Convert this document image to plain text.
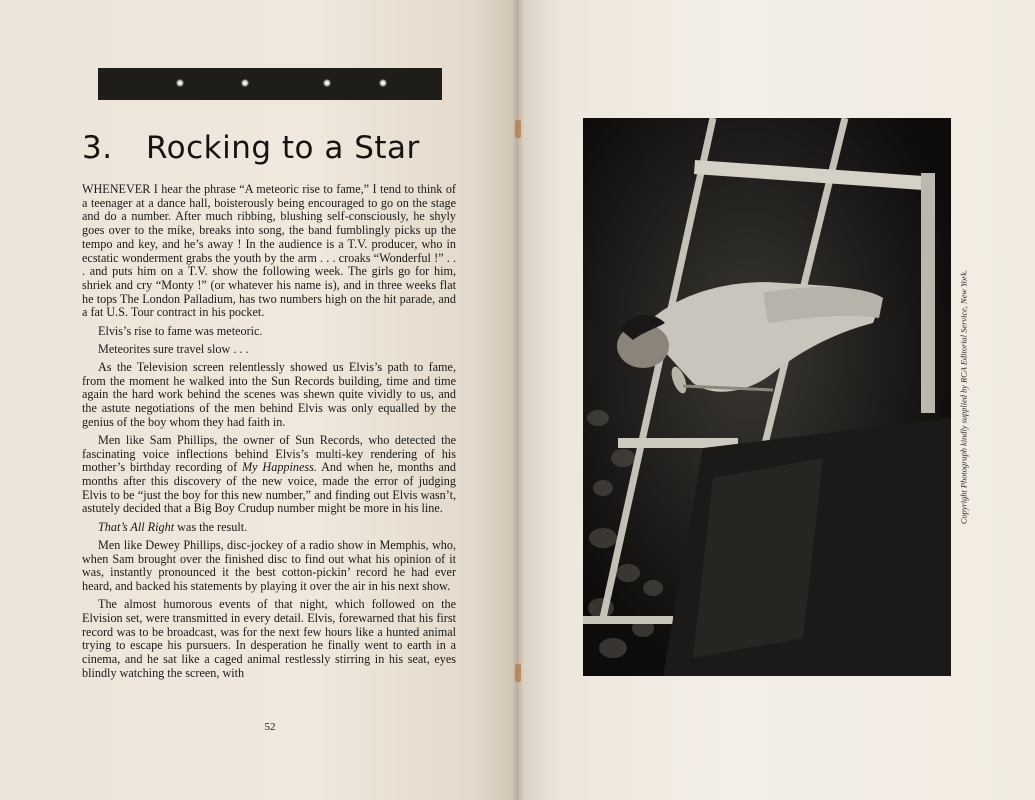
3. Rocking to a Star

WHENEVER I hear the phrase “A meteoric rise to fame,” I tend to think of a teenager at a dance hall, boisterously being encouraged to go on the stage and do a number. After much ribbing, blushing self-consciously, he shyly goes over to the mike, breaks into song, the band fumblingly picks up the tempo and key, and he’s away ! In the audience is a T.V. producer, who in ecstatic wonderment grabs the youth by the arm . . . croaks “Wonderful !” . . . and puts him on a T.V. show the following week. The girls go for him, shriek and cry “Monty !” (or whatever his name is), and in three weeks flat he tops The London Palladium, has two numbers high on the hit parade, and a fat U.S. Tour contract in his pocket.

Elvis’s rise to fame was meteoric.

Meteorites sure travel slow . . .

As the Television screen relentlessly showed us Elvis’s path to fame, from the moment he walked into the Sun Records building, time and time again the hard work behind the scenes was shewn quite vividly to us, and the astute negotiations of the men behind Elvis was only equalled by the genius of the boy whom they had faith in.

Men like Sam Phillips, the owner of Sun Records, who detected the fascinating voice inflections behind Elvis’s multi-key rendering of his mother’s birthday recording of My Happiness. And when he, months and months after this discovery of the new voice, made the error of judging Elvis to be “just the boy for this new number,” and finding out Elvis wasn’t, astutely decided that a Big Boy Crudup number might be more in his line.

That’s All Right was the result.

Men like Dewey Phillips, disc-jockey of a radio show in Memphis, who, when Sam brought over the finished disc to find out what his opinion of it was, instantly pronounced it the best cotton-pickin’ record he had ever heard, and backed his statements by playing it over the air in his next show.

The almost humorous events of that night, which followed on the Elvision set, were transmitted in every detail. Elvis, forewarned that his first record was to be broadcast, was for the next few hours like a hunted animal trying to escape his pursuers. In desperation he finally went to earth in a cinema, and he sat like a caged animal restlessly stirring in his seat, eyes blindly watching the screen, with

52
Copyright Photograph kindly supplied by RCA Editorial Service, New York.
